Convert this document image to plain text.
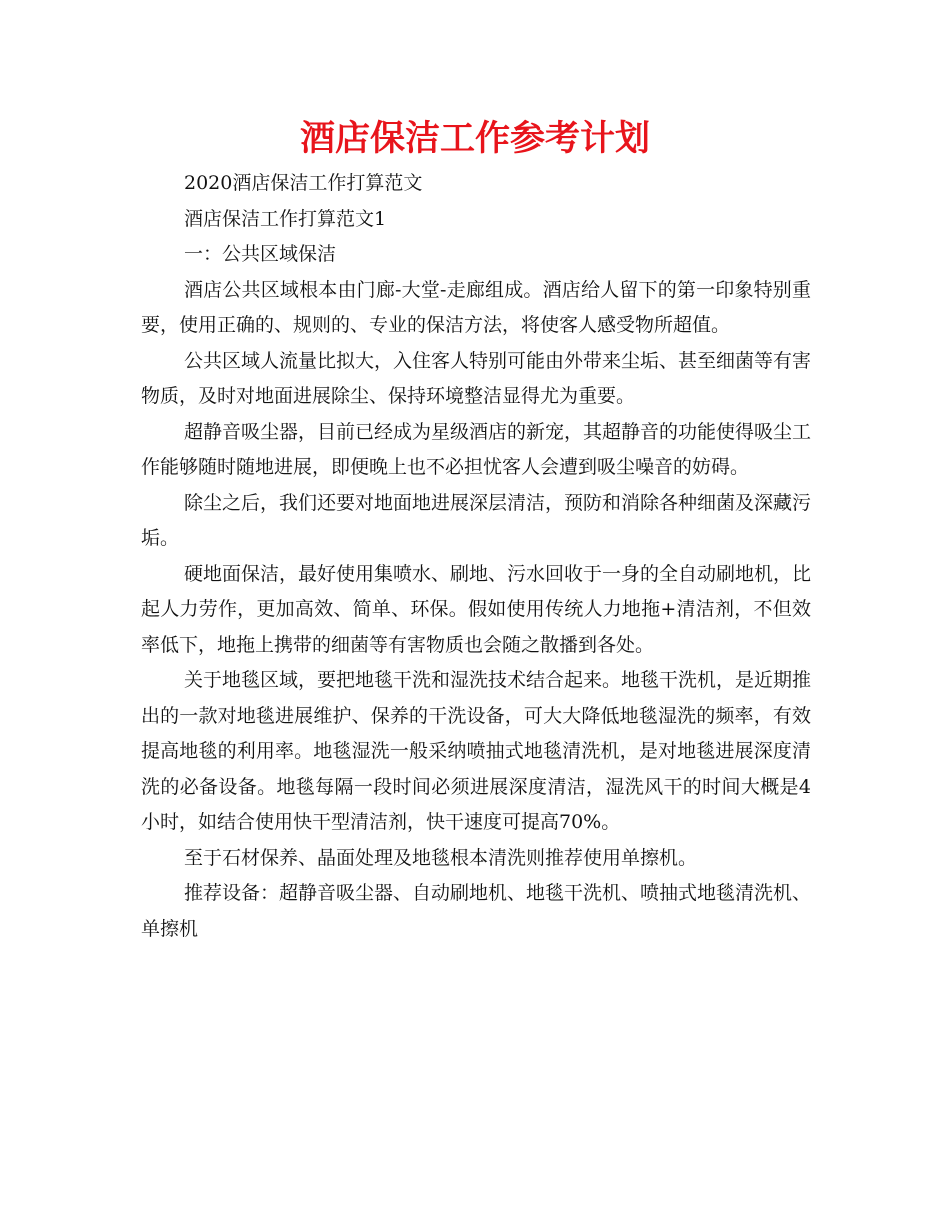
酒店保洁工作参考计划

2020酒店保洁工作打算范文

酒店保洁工作打算范文1

一：公共区域保洁

酒店公共区域根本由门廊-大堂-走廊组成。酒店给人留下的第一印象特别重要，使用正确的、规则的、专业的保洁方法，将使客人感受物所超值。

公共区域人流量比拟大，入住客人特别可能由外带来尘垢、甚至细菌等有害物质，及时对地面进展除尘、保持环境整洁显得尤为重要。

超静音吸尘器，目前已经成为星级酒店的新宠，其超静音的功能使得吸尘工作能够随时随地进展，即便晚上也不必担忧客人会遭到吸尘噪音的妨碍。

除尘之后，我们还要对地面地进展深层清洁，预防和消除各种细菌及深藏污垢。

硬地面保洁，最好使用集喷水、刷地、污水回收于一身的全自动刷地机，比起人力劳作，更加高效、简单、环保。假如使用传统人力地拖+清洁剂，不但效率低下，地拖上携带的细菌等有害物质也会随之散播到各处。

关于地毯区域，要把地毯干洗和湿洗技术结合起来。地毯干洗机，是近期推出的一款对地毯进展维护、保养的干洗设备，可大大降低地毯湿洗的频率，有效提高地毯的利用率。地毯湿洗一般采纳喷抽式地毯清洗机，是对地毯进展深度清洗的必备设备。地毯每隔一段时间必须进展深度清洁，湿洗风干的时间大概是4小时，如结合使用快干型清洁剂，快干速度可提高70%。

至于石材保养、晶面处理及地毯根本清洗则推荐使用单擦机。

推荐设备：超静音吸尘器、自动刷地机、地毯干洗机、喷抽式地毯清洗机、单擦机
